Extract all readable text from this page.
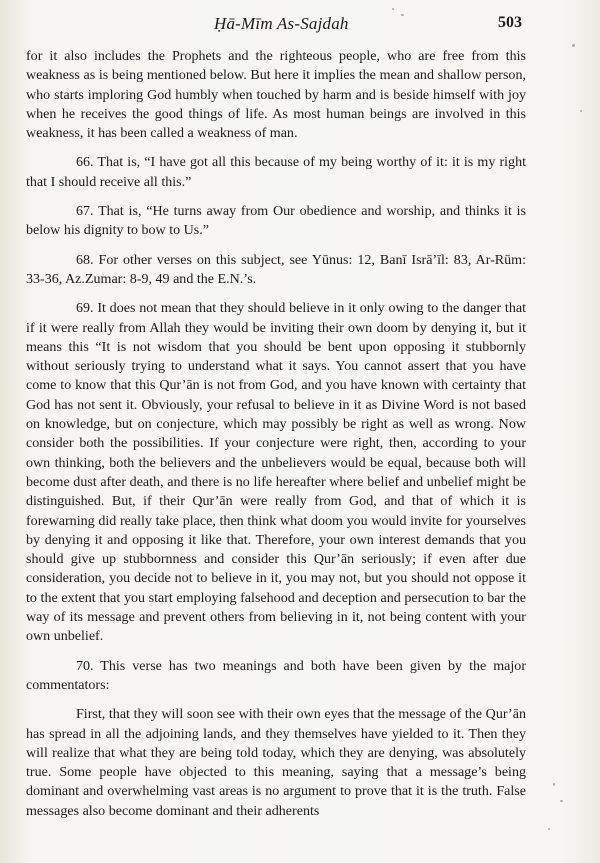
Ḥā-Mīm As-Sajdah	503

for it also includes the Prophets and the righteous people, who are free from this weakness as is being mentioned below. But here it implies the mean and shallow person, who starts imploring God humbly when touched by harm and is beside himself with joy when he receives the good things of life. As most human beings are involved in this weakness, it has been called a weakness of man.

66. That is, “I have got all this because of my being worthy of it: it is my right that I should receive all this.”

67. That is, “He turns away from Our obedience and worship, and thinks it is below his dignity to bow to Us.”

68. For other verses on this subject, see Yūnus: 12, Banī Isrā’īl: 83, Ar-Rūm: 33-36, Az.Zumar: 8-9, 49 and the E.N.’s.

69. It does not mean that they should believe in it only owing to the danger that if it were really from Allah they would be inviting their own doom by denying it, but it means this “It is not wisdom that you should be bent upon opposing it stubbornly without seriously trying to understand what it says. You cannot assert that you have come to know that this Qur’ān is not from God, and you have known with certainty that God has not sent it. Obviously, your refusal to believe in it as Divine Word is not based on knowledge, but on conjecture, which may possibly be right as well as wrong. Now consider both the possibilities. If your conjecture were right, then, according to your own thinking, both the believers and the unbelievers would be equal, because both will become dust after death, and there is no life hereafter where belief and unbelief might be distinguished. But, if their Qur’ān were really from God, and that of which it is forewarning did really take place, then think what doom you would invite for yourselves by denying it and opposing it like that. Therefore, your own interest demands that you should give up stubbornness and consider this Qur’ān seriously; if even after due consideration, you decide not to believe in it, you may not, but you should not oppose it to the extent that you start employing falsehood and deception and persecution to bar the way of its message and prevent others from believing in it, not being content with your own unbelief.

70. This verse has two meanings and both have been given by the major commentators:

First, that they will soon see with their own eyes that the message of the Qur’ān has spread in all the adjoining lands, and they themselves have yielded to it. Then they will realize that what they are being told today, which they are denying, was absolutely true. Some people have objected to this meaning, saying that a message’s being dominant and overwhelming vast areas is no argument to prove that it is the truth. False messages also become dominant and their adherents
